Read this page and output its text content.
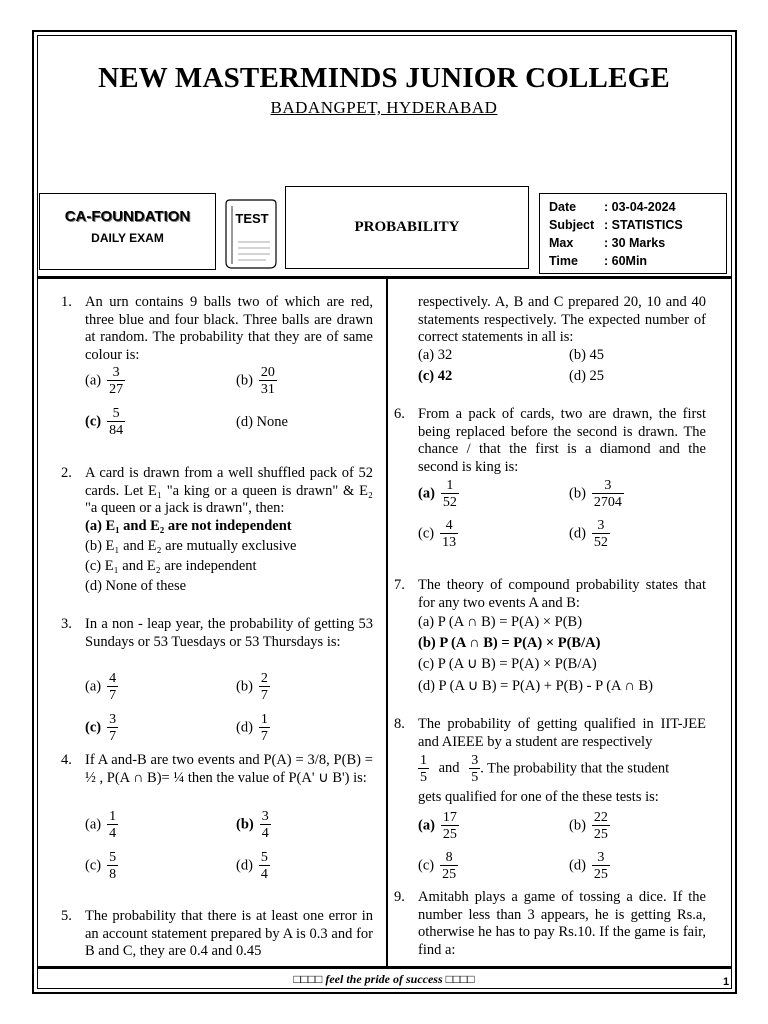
NEW MASTERMINDS JUNIOR COLLEGE
BADANGPET, HYDERABAD
CA-FOUNDATION
DAILY EXAM
TEST
PROBABILITY
Date : 03-04-2024
Subject : STATISTICS
Max : 30 Marks
Time : 60Min
1. An urn contains 9 balls two of which are red, three blue and four black. Three balls are drawn at random. The probability that they are of same colour is:
$(a) \frac{3}{27}$	$(b) \frac{20}{31}$
$(c) \frac{5}{84}$	(d) None
2. A card is drawn from a well shuffled pack of 52 cards. Let E₁ "a king or a queen is drawn" & E₂ "a queen or a jack is drawn", then:
(a) E₁ and E₂ are not independent
(b) E₁ and E₂ are mutually exclusive
(c) E₁ and E₂ are independent
(d) None of these
3. In a non - leap year, the probability of getting 53 Sundays or 53 Tuesdays or 53 Thursdays is:
$(a) \frac{4}{7}$	$(b) \frac{2}{7}$
$(c) \frac{3}{7}$	$(d) \frac{1}{7}$
4. If A and-B are two events and P(A) = 3/8, P(B) = ½ , P(A ∩ B)= ¼ then the value of P(A' ∪ B') is:
$(a) \frac{1}{4}$	$(b) \frac{3}{4}$
$(c) \frac{5}{8}$	$(d) \frac{5}{4}$
5. The probability that there is at least one error in an account statement prepared by A is 0.3 and for B and C, they are 0.4 and 0.45
respectively. A, B and C prepared 20, 10 and 40 statements respectively. The expected number of correct statements in all is:
(a) 32	(b) 45
(c) 42	(d) 25
6. From a pack of cards, two are drawn, the first being replaced before the second is drawn. The chance / that the first is a diamond and the second is king is:
$(a) \frac{1}{52}$	$(b) \frac{3}{2704}$
$(c) \frac{4}{13}$	$(d) \frac{3}{52}$
7. The theory of compound probability states that for any two events A and B:
(a) P (A ∩ B) = P(A) × P(B)
(b) P (A ∩ B) = P(A) × P(B/A)
(c) P (A ∪ B) = P(A) × P(B/A)
(d) P (A ∪ B) = P(A) + P(B) - P (A ∩ B)
8. The probability of getting qualified in IIT-JEE and AIEEE by a student are respectively
$\frac{1}{5}$ and $\frac{3}{5}$ . The probability that the student
gets qualified for one of the these tests is:
$(a) \frac{17}{25}$	$(b) \frac{22}{25}$
$(c) \frac{8}{25}$	$(d) \frac{3}{25}$
9. Amitabh plays a game of tossing a dice. If the number less than 3 appears, he is getting Rs.a, otherwise he has to pay Rs.10. If the game is fair, find a:
□□□□ feel the pride of success □□□□	1
